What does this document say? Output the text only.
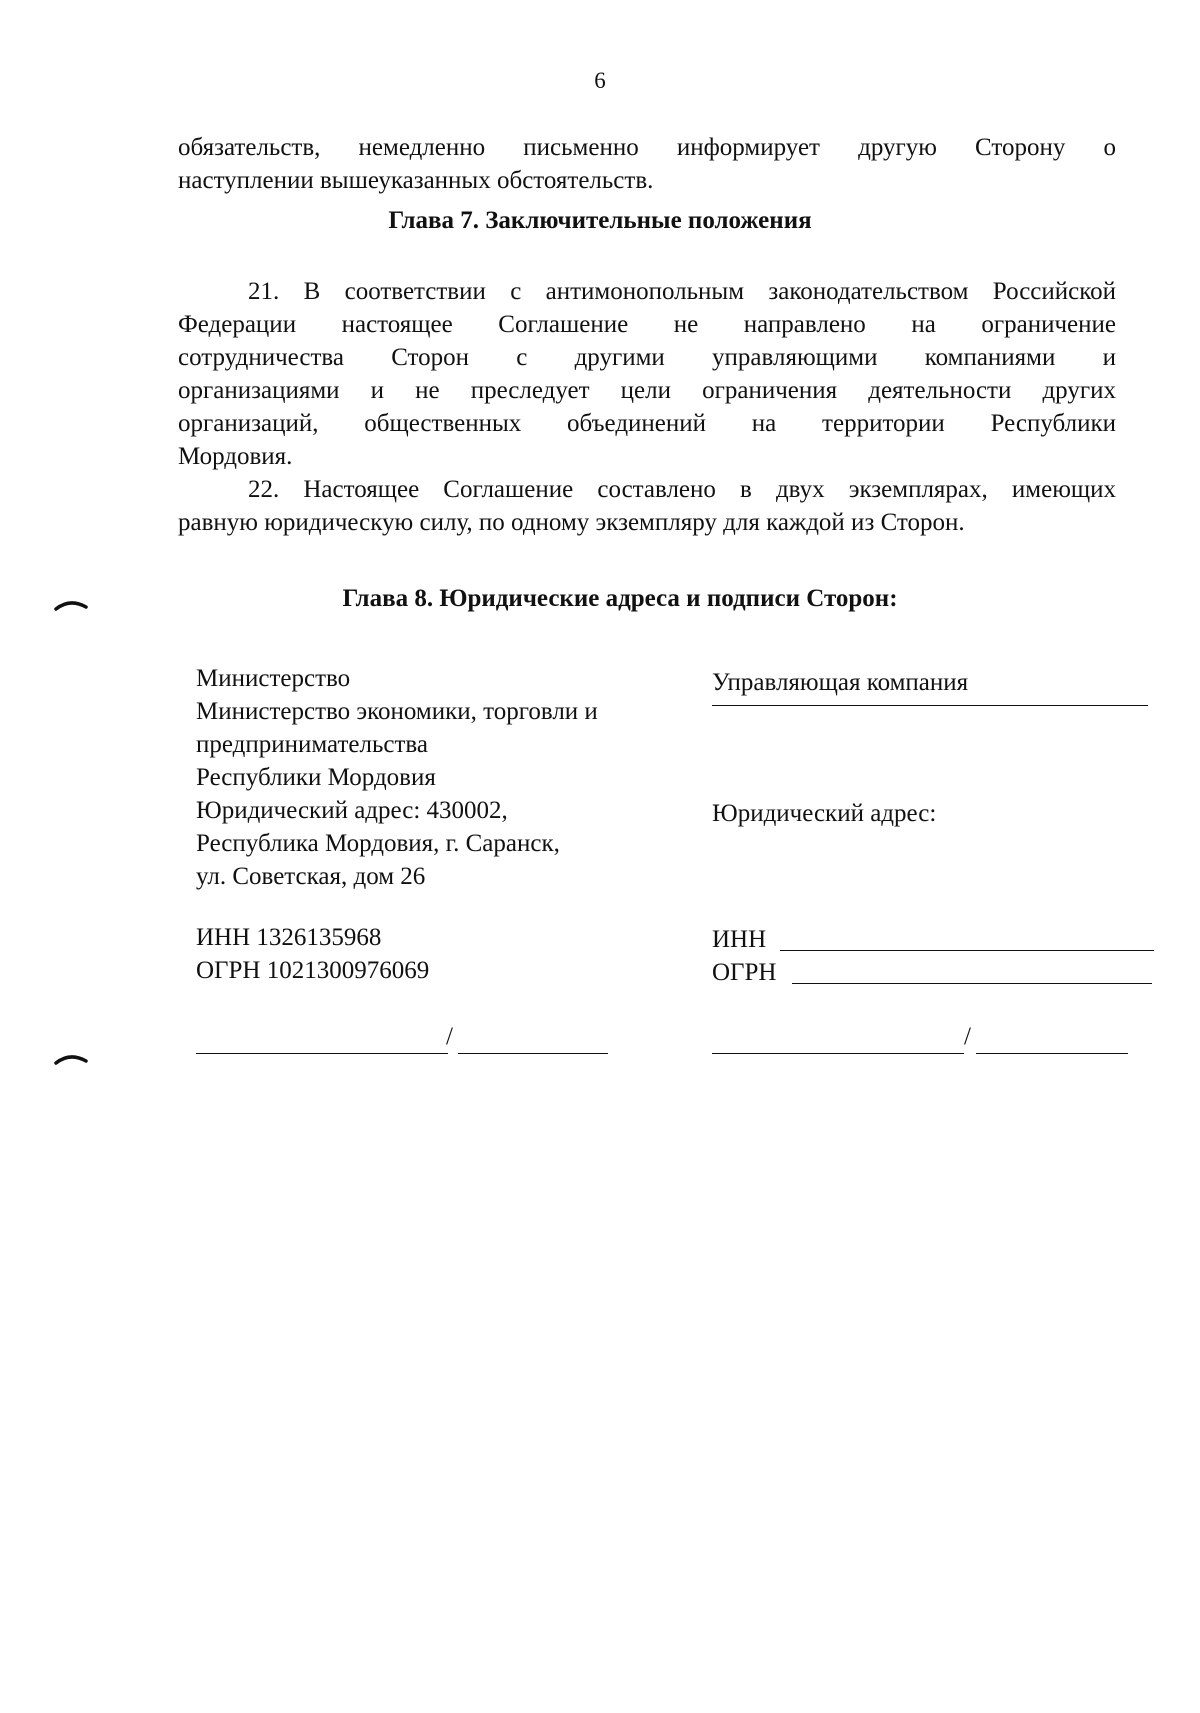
6
обязательств, немедленно письменно информирует другую Сторону о
наступлении вышеуказанных обстоятельств.
Глава 7. Заключительные положения
21. В соответствии с антимонопольным законодательством Российской
Федерации настоящее Соглашение не направлено на ограничение
сотрудничества Сторон с другими управляющими компаниями и
организациями и не преследует цели ограничения деятельности других
организаций, общественных объединений на территории Республики
Мордовия.
22. Настоящее Соглашение составлено в двух экземплярах, имеющих
равную юридическую силу, по одному экземпляру для каждой из Сторон.
Глава 8. Юридические адреса и подписи Сторон:
Министерство
Министерство экономики, торговли и
предпринимательства
Республики Мордовия
Юридический адрес: 430002,
Республика Мордовия, г. Саранск,
ул. Советская, дом 26
ИНН 1326135968
ОГРН 1021300976069
/
Управляющая компания
Юридический адрес:
ИНН
ОГРН
/
